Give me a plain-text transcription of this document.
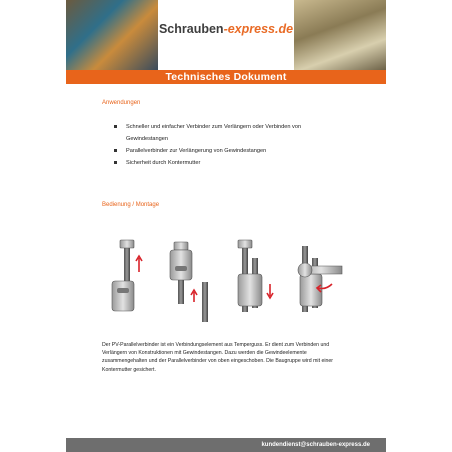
Schrauben -express.de
Technisches Dokument
Anwendungen
Schneller und einfacher Verbinder zum Verlängern oder Verbinden von
Gewindestangen
Parallelverbinder zur Verlängerung von Gewindestangen
Sicherheit durch Kontermutter
Bedienung / Montage
Der PV-Parallelverbinder ist ein Verbindungselement aus Temperguss. Er dient zum Verbinden und Verlängern von Konstruktionen mit Gewindestangen. Dazu werden die Gewindeelemente zusammengehalten und der Parallelverbinder von oben eingeschoben. Die Baugruppe wird mit einer Kontermutter gesichert.
kundendienst@schrauben-express.de
